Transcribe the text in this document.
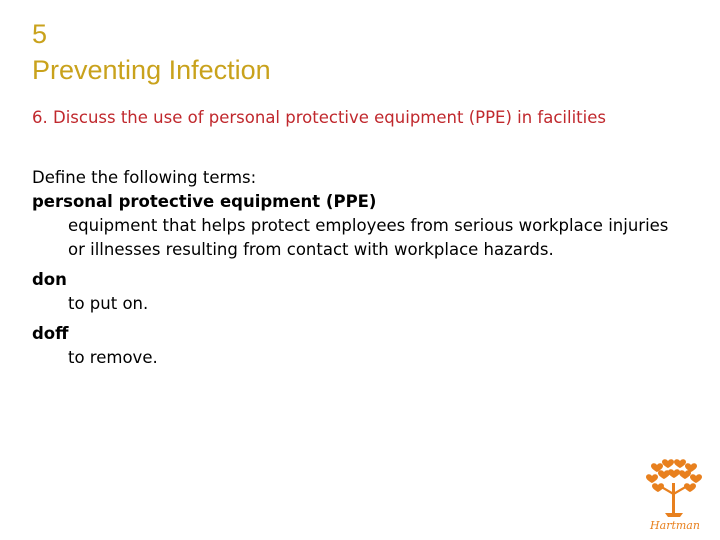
5
Preventing Infection
6. Discuss the use of personal protective equipment (PPE) in facilities

Define the following terms:

personal protective equipment (PPE)

equipment that helps protect employees from serious workplace injuries or illnesses resulting from contact with workplace hazards.

don

to put on.

doff

to remove.

Hartman
